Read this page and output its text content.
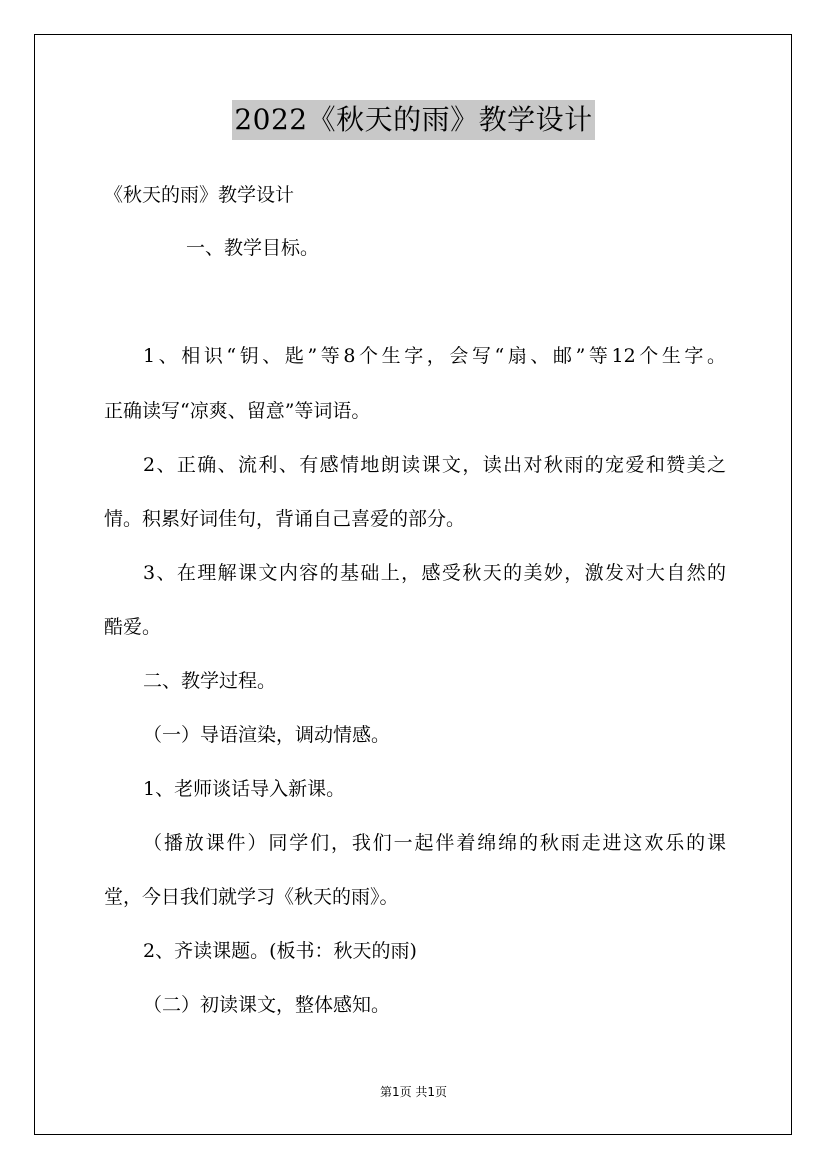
2022《秋天的雨》教学设计
《秋天的雨》教学设计
一、教学目标。
1、相识“钥、匙”等8个生字，会写“扇、邮”等12个生字。
正确读写“凉爽、留意”等词语。
2、正确、流利、有感情地朗读课文，读出对秋雨的宠爱和赞美之
情。积累好词佳句，背诵自己喜爱的部分。
3、在理解课文内容的基础上，感受秋天的美妙，激发对大自然的
酷爱。
二、教学过程。
（一）导语渲染，调动情感。
1、老师谈话导入新课。
（播放课件）同学们，我们一起伴着绵绵的秋雨走进这欢乐的课
堂，今日我们就学习《秋天的雨》。
2、齐读课题。(板书：秋天的雨)
（二）初读课文，整体感知。
第1页 共1页
